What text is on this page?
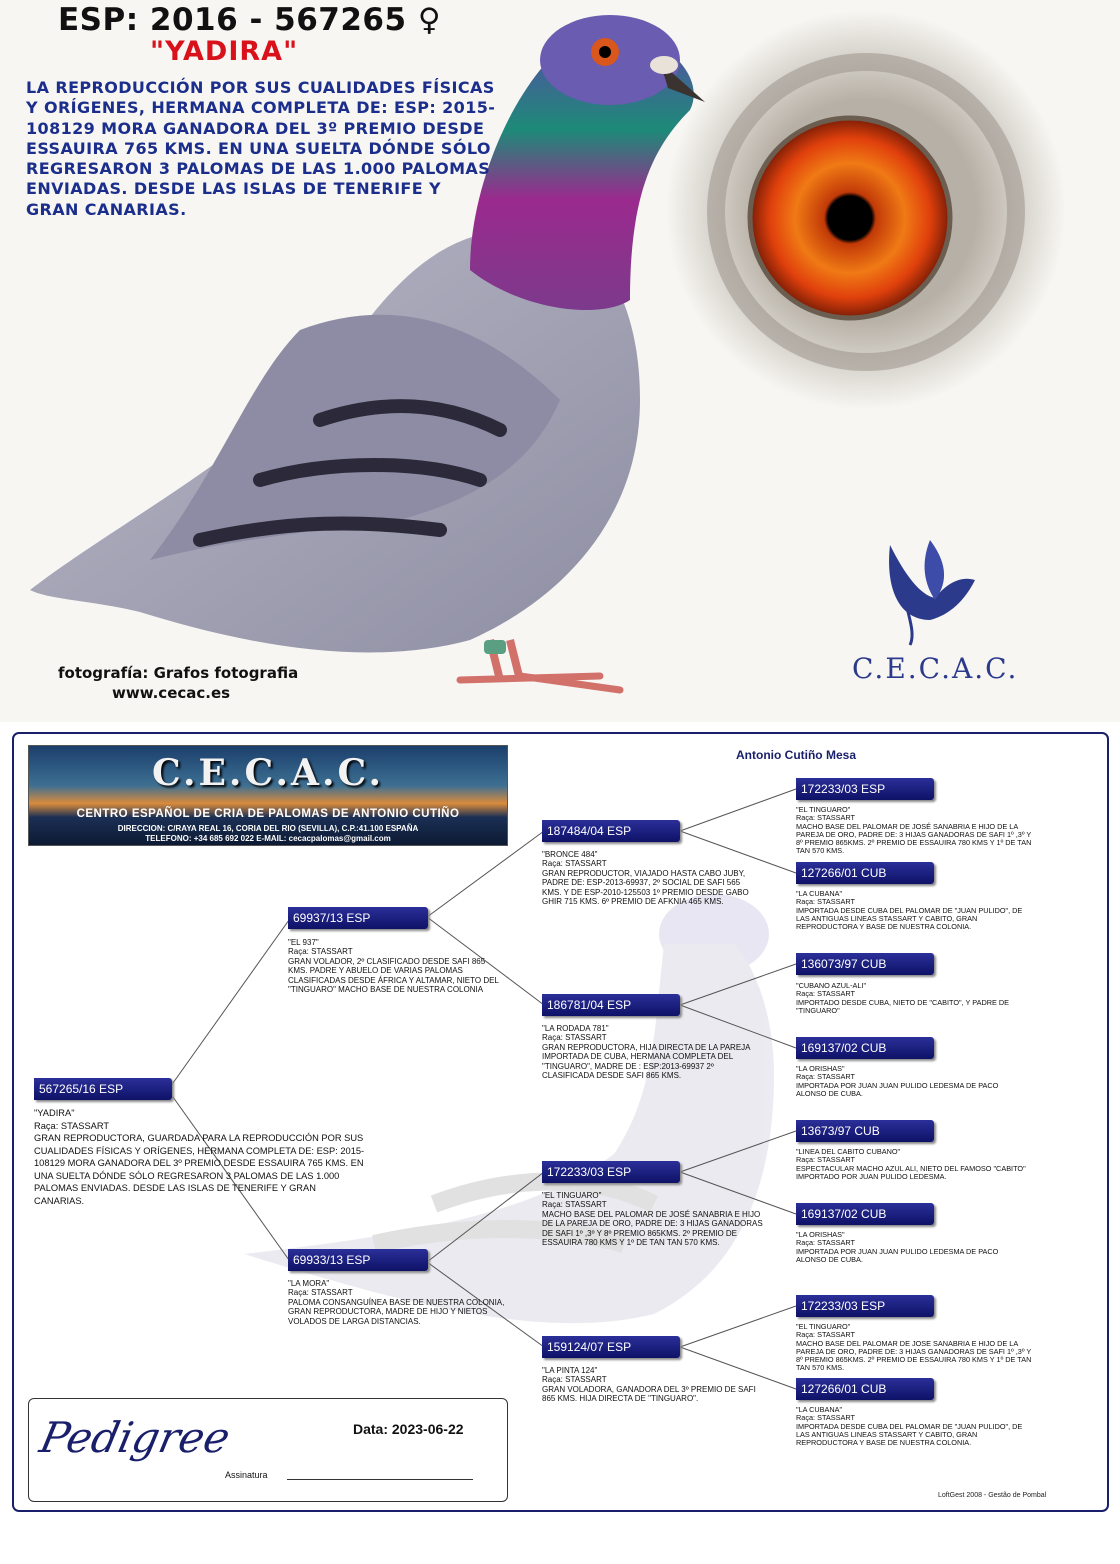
ESP: 2016 - 567265 ♀
"YADIRA"
LA REPRODUCCIÓN POR SUS CUALIDADES FÍSICAS Y ORÍGENES, HERMANA COMPLETA DE: ESP: 2015-108129 MORA GANADORA DEL 3º PREMIO DESDE ESSAUIRA 765 KMS. EN UNA SUELTA DÓNDE SÓLO REGRESARON 3 PALOMAS DE LAS 1.000 PALOMAS ENVIADAS. DESDE LAS ISLAS DE TENERIFE Y GRAN CANARIAS.
fotografía: Grafos fotografia
www.cecac.es
C.E.C.A.C.
C.E.C.A.C.
CENTRO ESPAÑOL DE CRIA DE PALOMAS DE ANTONIO CUTIÑO
DIRECCION: C/RAYA REAL 16, CORIA DEL RIO (SEVILLA), C.P.:41.100 ESPAÑA
TELEFONO: +34 685 692 022 E-MAIL: cecacpalomas@gmail.com
Antonio Cutiño Mesa
567265/16 ESP
"YADIRA"
Raça: STASSART
GRAN REPRODUCTORA, GUARDADA PARA LA REPRODUCCIÓN POR SUS CUALIDADES FÍSICAS Y ORÍGENES, HERMANA COMPLETA DE: ESP: 2015-108129 MORA GANADORA DEL 3º PREMIO DESDE ESSAUIRA 765 KMS. EN UNA SUELTA DÓNDE SÓLO REGRESARON 3 PALOMAS DE LAS 1.000 PALOMAS ENVIADAS. DESDE LAS ISLAS DE TENERIFE Y GRAN CANARIAS.
69937/13 ESP
"EL 937"
Raça: STASSART
GRAN VOLADOR, 2º CLASIFICADO DESDE SAFI 865 KMS. PADRE Y ABUELO DE VARIAS PALOMAS CLASIFICADAS DESDE ÁFRICA Y ALTAMAR, NIETO DEL "TINGUARO" MACHO BASE DE NUESTRA COLONIA
69933/13 ESP
"LA MORA"
Raça: STASSART
PALOMA CONSANGUÍNEA BASE DE NUESTRA COLONIA, GRAN REPRODUCTORA, MADRE DE HIJO Y NIETOS VOLADOS DE LARGA DISTANCIAS.
187484/04 ESP
"BRONCE 484"
Raça: STASSART
GRAN REPRODUCTOR, VIAJADO HASTA CABO JUBY, PADRE DE: ESP-2013-69937, 2º SOCIAL DE SAFI 565 KMS. Y DE ESP-2010-125503 1º PREMIO DESDE GABO GHIR 715 KMS. 6º PREMIO DE AFKNIA 465 KMS.
186781/04 ESP
"LA RODADA 781"
Raça: STASSART
GRAN REPRODUCTORA, HIJA DIRECTA DE LA PAREJA IMPORTADA DE CUBA, HERMANA COMPLETA DEL "TINGUARO", MADRE DE : ESP:2013-69937 2º CLASIFICADA DESDE SAFI 865 KMS.
172233/03 ESP
"EL TINGUARO"
Raça: STASSART
MACHO BASE DEL PALOMAR DE JOSÉ SANABRIA E HIJO DE LA PAREJA DE ORO, PADRE DE: 3 HIJAS GANADORAS DE SAFI 1º ,3º Y 8º PREMIO 865KMS. 2º PREMIO DE ESSAUIRA 780 KMS Y 1º DE TAN TAN 570 KMS.
159124/07 ESP
"LA PINTA 124"
Raça: STASSART
GRAN VOLADORA, GANADORA DEL 3º PREMIO DE SAFI 865 KMS. HIJA DIRECTA DE "TINGUARO".
172233/03 ESP
"EL TINGUARO"
Raça: STASSART
MACHO BASE DEL PALOMAR DE JOSÉ SANABRIA E HIJO DE LA PAREJA DE ORO, PADRE DE: 3 HIJAS GANADORAS DE SAFI 1º ,3º Y 8º PREMIO 865KMS. 2º PREMIO DE ESSAUIRA 780 KMS Y 1º DE TAN TAN 570 KMS.
127266/01 CUB
"LA CUBANA"
Raça: STASSART
IMPORTADA DESDE CUBA DEL PALOMAR DE "JUAN PULIDO", DE LAS ANTIGUAS LINEAS STASSART Y CABITO, GRAN REPRODUCTORA Y BASE DE NUESTRA COLONIA.
136073/97 CUB
"CUBANO AZUL-ALI"
Raça: STASSART
IMPORTADO DESDE CUBA, NIETO DE "CABITO", Y PADRE DE "TINGUARO"
169137/02 CUB
"LA ORISHAS"
Raça: STASSART
IMPORTADA POR JUAN JUAN PULIDO LEDESMA DE PACO ALONSO DE CUBA.
13673/97 CUB
"LINEA DEL CABITO CUBANO"
Raça: STASSART
ESPECTACULAR MACHO AZUL ALI, NIETO DEL FAMOSO "CABITO" IMPORTADO POR JUAN PULIDO LEDESMA.
169137/02 CUB
"LA ORISHAS"
Raça: STASSART
IMPORTADA POR JUAN JUAN PULIDO LEDESMA DE PACO ALONSO DE CUBA.
172233/03 ESP
"EL TINGUARO"
Raça: STASSART
MACHO BASE DEL PALOMAR DE JOSE SANABRIA E HIJO DE LA PAREJA DE ORO, PADRE DE: 3 HIJAS GANADORAS DE SAFI 1º ,3º Y 8º PREMIO 865KMS. 2º PREMIO DE ESSAUIRA 780 KMS Y 1º DE TAN TAN 570 KMS.
127266/01 CUB
"LA CUBANA"
Raça: STASSART
IMPORTADA DESDE CUBA DEL PALOMAR DE "JUAN PULIDO", DE LAS ANTIGUAS LINEAS STASSART Y CABITO, GRAN REPRODUCTORA Y BASE DE NUESTRA COLONIA.
Pedigree	Data: 2023-06-22
Assinatura
LoftGest 2008 - Gestão de Pombal
